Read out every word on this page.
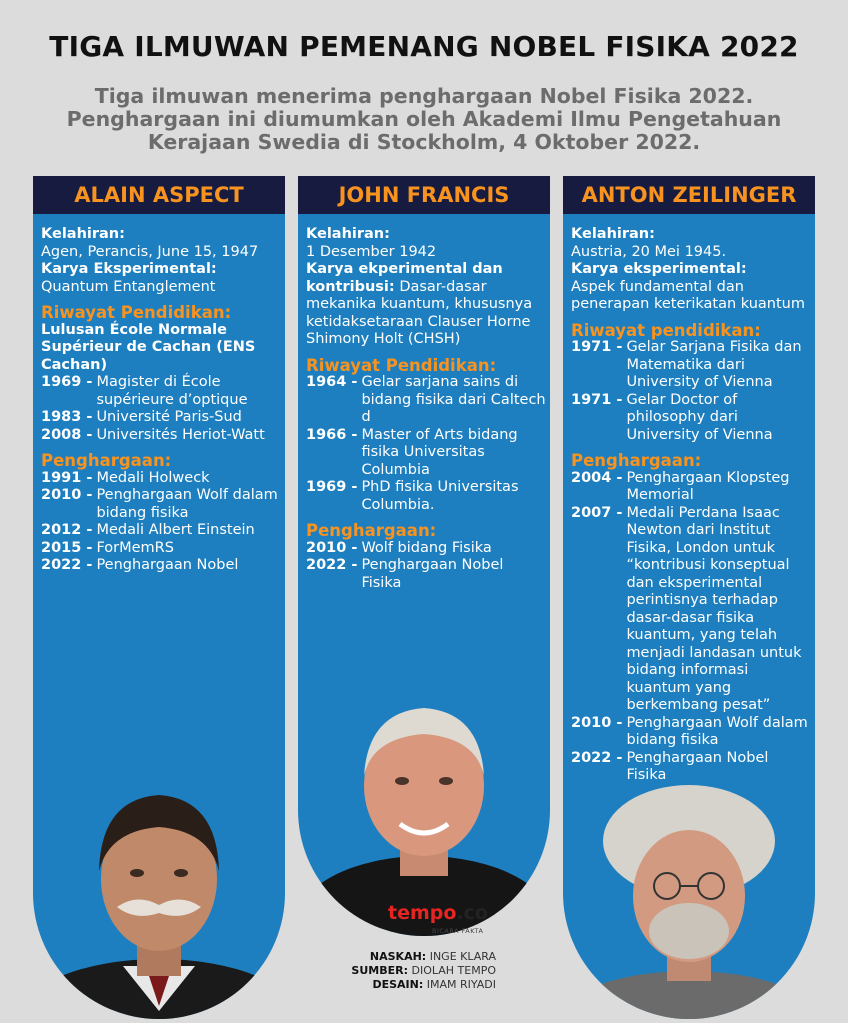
TIGA ILMUWAN PEMENANG NOBEL FISIKA 2022
Tiga ilmuwan menerima penghargaan Nobel Fisika 2022.
Penghargaan ini diumumkan oleh Akademi Ilmu Pengetahuan
Kerajaan Swedia di Stockholm, 4 Oktober 2022.
ALAIN ASPECT
Kelahiran:
Agen, Perancis, June 15, 1947
Karya Eksperimental:
Quantum Entanglement
Riwayat Pendidikan:
Lulusan École Normale Supérieur de Cachan (ENS Cachan)
1969 - Magister di École supérieure d’optique
1983 - Université Paris-Sud
2008 - Universités Heriot-Watt
Penghargaan:
1991 - Medali Holweck
2010 - Penghargaan Wolf dalam bidang fisika
2012 - Medali Albert Einstein
2015 - ForMemRS
2022 - Penghargaan Nobel
JOHN FRANCIS
Kelahiran:
1 Desember 1942
Karya ekperimental dan kontribusi: Dasar-dasar mekanika kuantum, khususnya ketidaksetaraan Clauser Horne Shimony Holt (CHSH)
Riwayat Pendidikan:
1964 - Gelar sarjana sains di bidang fisika dari Caltech d
1966 - Master of Arts bidang fisika Universitas Columbia
1969 - PhD fisika Universitas Columbia.
Penghargaan:
2010 - Wolf bidang Fisika
2022 - Penghargaan Nobel Fisika
ANTON ZEILINGER
Kelahiran:
Austria, 20 Mei 1945.
Karya eksperimental:
Aspek fundamental dan penerapan keterikatan kuantum
Riwayat pendidikan:
1971 - Gelar Sarjana Fisika dan Matematika dari University of Vienna
1971 - Gelar Doctor of philosophy dari University of Vienna
Penghargaan:
2004 - Penghargaan Klopsteg Memorial
2007 - Medali Perdana Isaac Newton dari Institut Fisika, London untuk “kontribusi konseptual dan eksperimental perintisnya terhadap dasar-dasar fisika kuantum, yang telah menjadi landasan untuk bidang informasi kuantum yang berkembang pesat”
2010 - Penghargaan Wolf dalam bidang fisika
2022 - Penghargaan Nobel Fisika
tempo.co
BICARA FAKTA
NASKAH: INGE KLARA
SUMBER: DIOLAH TEMPO
DESAIN: IMAM RIYADI
